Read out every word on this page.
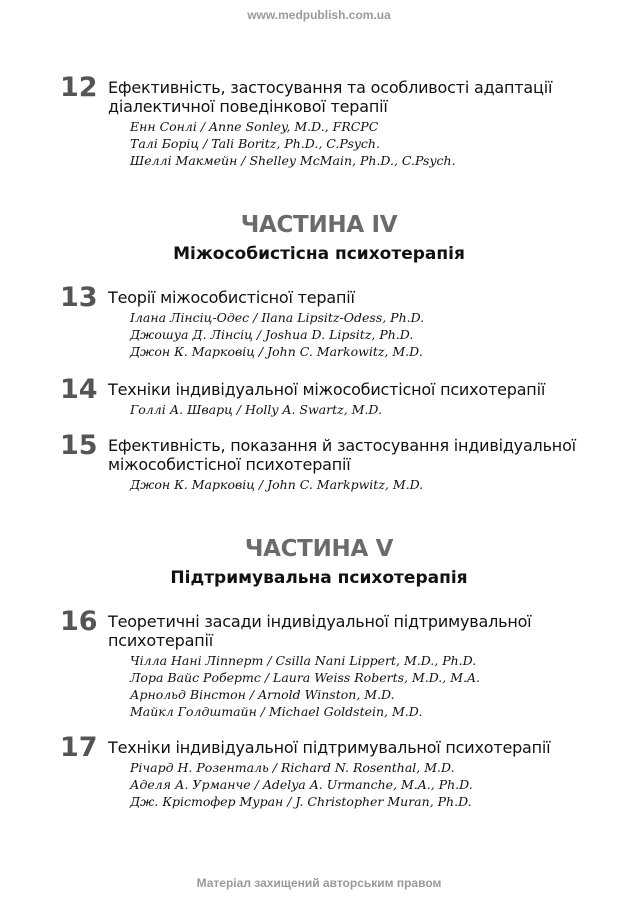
www.medpublish.com.ua
12 Ефективність, застосування та особливості адаптації
діалектичної поведінкової терапії
Енн Сонлі / Anne Sonley, M.D., FRCPC
Талі Боріц / Tali Boritz, Ph.D., C.Psych.
Шеллі Макмейн / Shelley McMain, Ph.D., C.Psych.
ЧАСТИНА IV
Міжособистісна психотерапія
13 Теорії міжособистісної терапії
Ілана Лінсіц-Одес / Ilana Lipsitz-Odess, Ph.D.
Джошуа Д. Лінсіц / Joshua D. Lipsitz, Ph.D.
Джон К. Марковіц / John C. Markowitz, M.D.
14 Техніки індивідуальної міжособистісної психотерапії
Голлі А. Шварц / Holly A. Swartz, M.D.
15 Ефективність, показання й застосування індивідуальної
міжособистісної психотерапії
Джон К. Марковіц / John C. Markpwitz, M.D.
ЧАСТИНА V
Підтримувальна психотерапія
16 Теоретичні засади індивідуальної підтримувальної
психотерапії
Чілла Нані Ліпперт / Csilla Nani Lippert, M.D., Ph.D.
Лора Вайс Робертс / Laura Weiss Roberts, M.D., M.A.
Арнольд Вінстон / Arnold Winston, M.D.
Майкл Голдштайн / Michael Goldstein, M.D.
17 Техніки індивідуальної підтримувальної психотерапії
Річард Н. Розенталь / Richard N. Rosenthal, M.D.
Аделя А. Урманче / Adelya A. Urmanche, M.A., Ph.D.
Дж. Крістофер Муран / J. Christopher Muran, Ph.D.
Матеріал захищений авторським правом
